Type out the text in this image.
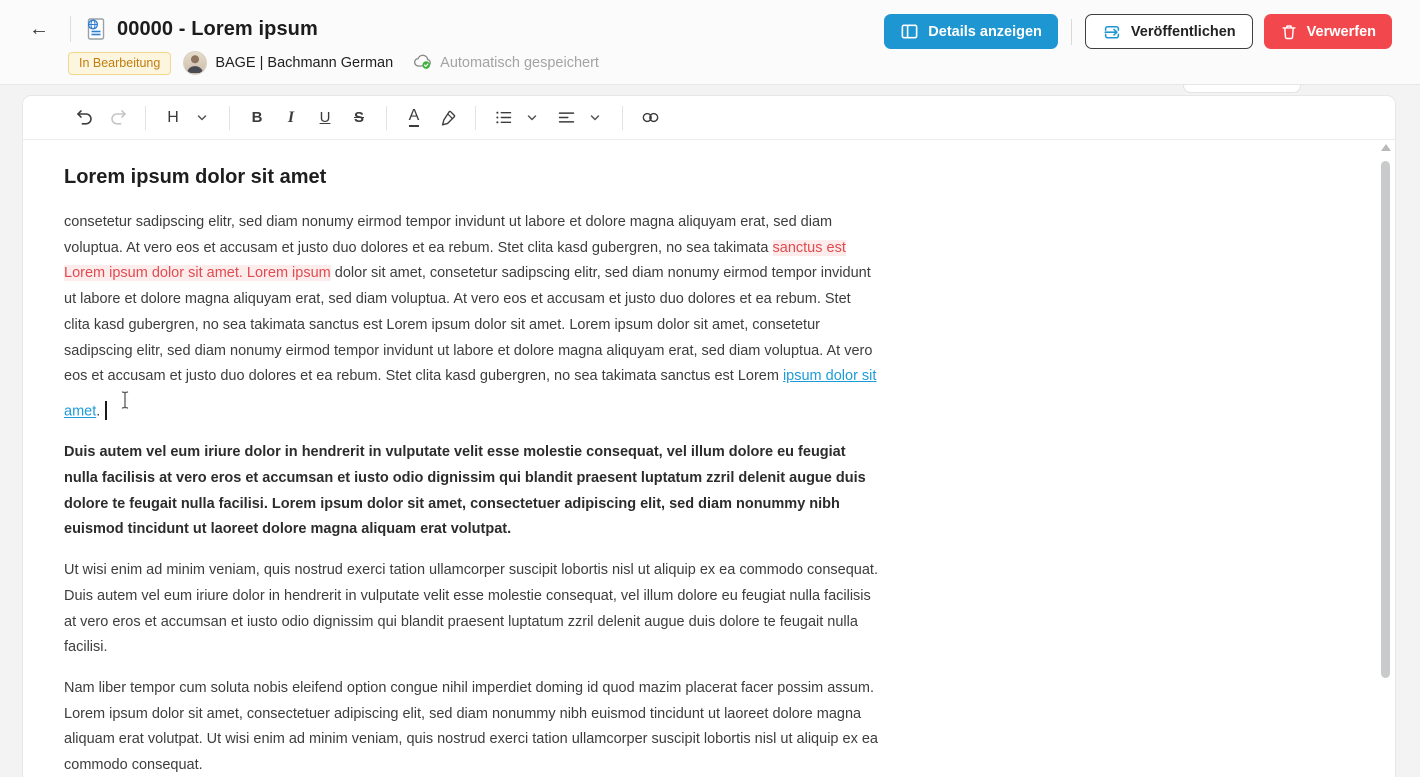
←	00000 - Lorem ipsum
In Bearbeitung	BAGE | Bachmann German	Automatisch gespeichert
Details anzeigen	Veröffentlichen	Verwerfen
H	B I U S	A
Lorem ipsum dolor sit amet

consetetur sadipscing elitr, sed diam nonumy eirmod tempor invidunt ut labore et dolore magna aliquyam erat, sed diam voluptua. At vero eos et accusam et justo duo dolores et ea rebum. Stet clita kasd gubergren, no sea takimata sanctus est Lorem ipsum dolor sit amet. Lorem ipsum dolor sit amet, consetetur sadipscing elitr, sed diam nonumy eirmod tempor invidunt ut labore et dolore magna aliquyam erat, sed diam voluptua. At vero eos et accusam et justo duo dolores et ea rebum. Stet clita kasd gubergren, no sea takimata sanctus est Lorem ipsum dolor sit amet. Lorem ipsum dolor sit amet, consetetur sadipscing elitr, sed diam nonumy eirmod tempor invidunt ut labore et dolore magna aliquyam erat, sed diam voluptua. At vero eos et accusam et justo duo dolores et ea rebum. Stet clita kasd gubergren, no sea takimata sanctus est Lorem ipsum dolor sit amet.

Duis autem vel eum iriure dolor in hendrerit in vulputate velit esse molestie consequat, vel illum dolore eu feugiat nulla facilisis at vero eros et accumsan et iusto odio dignissim qui blandit praesent luptatum zzril delenit augue duis dolore te feugait nulla facilisi. Lorem ipsum dolor sit amet, consectetuer adipiscing elit, sed diam nonummy nibh euismod tincidunt ut laoreet dolore magna aliquam erat volutpat.

Ut wisi enim ad minim veniam, quis nostrud exerci tation ullamcorper suscipit lobortis nisl ut aliquip ex ea commodo consequat. Duis autem vel eum iriure dolor in hendrerit in vulputate velit esse molestie consequat, vel illum dolore eu feugiat nulla facilisis at vero eros et accumsan et iusto odio dignissim qui blandit praesent luptatum zzril delenit augue duis dolore te feugait nulla facilisi.

Nam liber tempor cum soluta nobis eleifend option congue nihil imperdiet doming id quod mazim placerat facer possim assum. Lorem ipsum dolor sit amet, consectetuer adipiscing elit, sed diam nonummy nibh euismod tincidunt ut laoreet dolore magna aliquam erat volutpat. Ut wisi enim ad minim veniam, quis nostrud exerci tation ullamcorper suscipit lobortis nisl ut aliquip ex ea commodo consequat.
